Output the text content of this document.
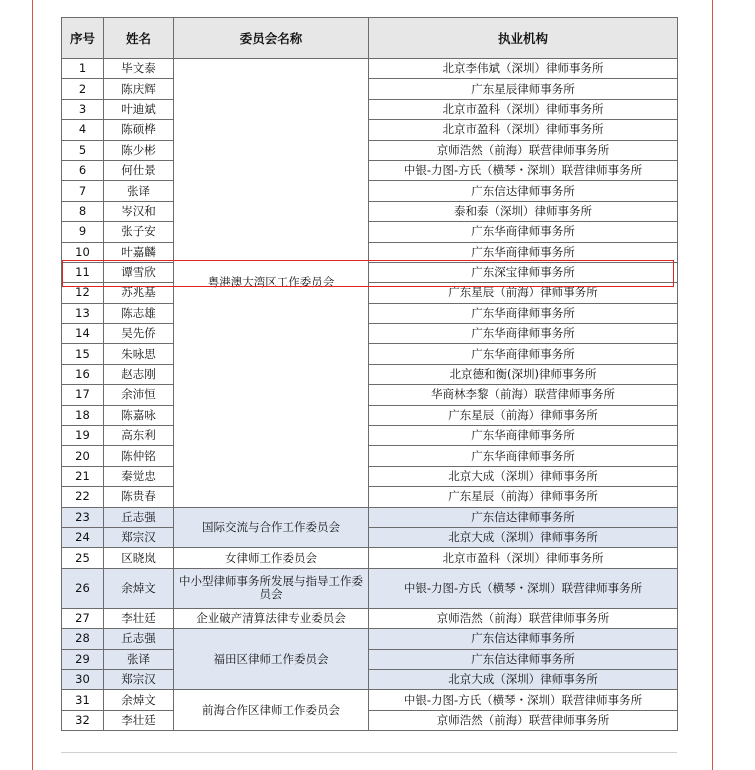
序号	姓名	委员会名称	执业机构
1	毕文泰	粤港澳大湾区工作委员会	北京李伟斌（深圳）律师事务所
2	陈庆辉		广东星辰律师事务所
3	叶迪斌		北京市盈科（深圳）律师事务所
4	陈硕桦		北京市盈科（深圳）律师事务所
5	陈少彬		京师浩然（前海）联营律师事务所
6	何仕景		中银-力图-方氏（横琴・深圳）联营律师事务所
7	张译		广东信达律师事务所
8	岑汉和		泰和泰（深圳）律师事务所
9	张子安		广东华商律师事务所
10	叶嘉麟		广东华商律师事务所
11	谭雪欣		广东深宝律师事务所
12	苏兆基		广东星辰（前海）律师事务所
13	陈志雄		广东华商律师事务所
14	吴先侨		广东华商律师事务所
15	朱咏思		广东华商律师事务所
16	赵志刚		北京德和衡(深圳)律师事务所
17	余沛恒		华商林李黎（前海）联营律师事务所
18	陈嘉咏		广东星辰（前海）律师事务所
19	高东利		广东华商律师事务所
20	陈仲铭		广东华商律师事务所
21	秦觉忠		北京大成（深圳）律师事务所
22	陈贵春		广东星辰（前海）律师事务所
23	丘志强	国际交流与合作工作委员会	广东信达律师事务所
24	郑宗汉		北京大成（深圳）律师事务所
25	区晓岚	女律师工作委员会	北京市盈科（深圳）律师事务所
26	余焯文	中小型律师事务所发展与指导工作委员会	中银-力图-方氏（横琴・深圳）联营律师事务所
27	李壮廷	企业破产清算法律专业委员会	京师浩然（前海）联营律师事务所
28	丘志强	福田区律师工作委员会	广东信达律师事务所
29	张译		广东信达律师事务所
30	郑宗汉		北京大成（深圳）律师事务所
31	余焯文	前海合作区律师工作委员会	中银-力图-方氏（横琴・深圳）联营律师事务所
32	李壮廷		京师浩然（前海）联营律师事务所
